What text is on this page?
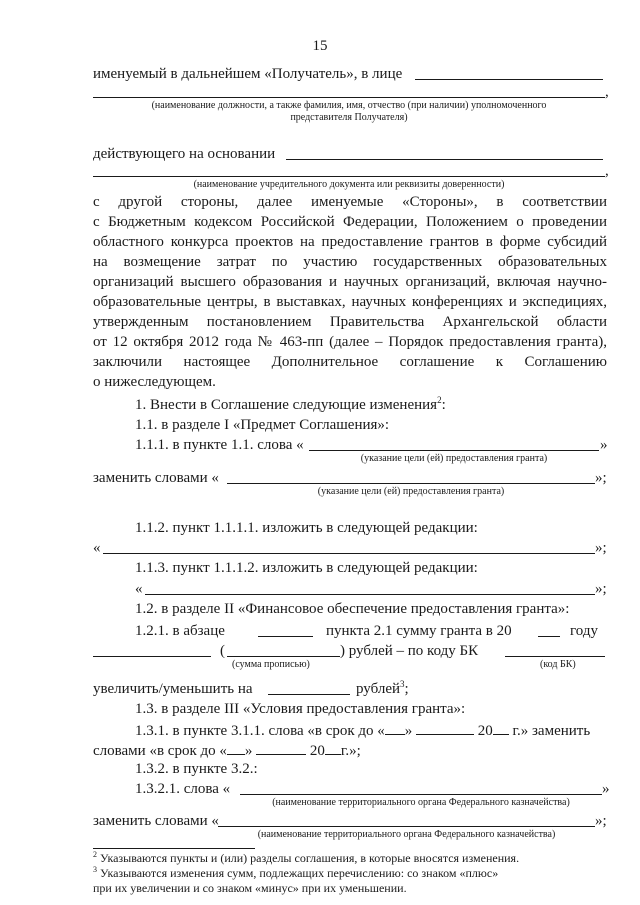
15
именуемый в дальнейшем «Получатель», в лице
,
(наименование должности, а также фамилия, имя, отчество (при наличии) уполномоченного
представителя Получателя)
действующего на основании
,
(наименование учредительного документа или реквизиты доверенности)
с другой стороны, далее именуемые «Стороны», в соответствии
с Бюджетным кодексом Российской Федерации, Положением о проведении
областного конкурса проектов на предоставление грантов в форме субсидий
на возмещение затрат по участию государственных образовательных
организаций высшего образования и научных организаций, включая научно-
образовательные центры, в выставках, научных конференциях и экспедициях,
утвержденным постановлением Правительства Архангельской области
от 12 октября 2012 года № 463-пп (далее – Порядок предоставления гранта),
заключили настоящее Дополнительное соглашение к Соглашению
о нижеследующем.
1. Внести в Соглашение следующие изменения$^2$:
1.1. в разделе I «Предмет Соглашения»:
1.1.1. в пункте 1.1. слова «	»
(указание цели (ей) предоставления гранта)
заменить словами «	»;
(указание цели (ей) предоставления гранта)
1.1.2. пункт 1.1.1.1. изложить в следующей редакции:
«	»;
1.1.3. пункт 1.1.1.2. изложить в следующей редакции:
«	»;
1.2. в разделе II «Финансовое обеспечение предоставления гранта»:
1.2.1. в абзаце	пункта 2.1 сумму гранта в 20	году
(	) рублей – по коду БК
(сумма прописью)	(код БК)
увеличить/уменьшить на	рублей$^3$;
1.3. в разделе III «Условия предоставления гранта»:
1.3.1. в пункте 3.1.1. слова «в срок до « »	20 г.» заменить
словами «в срок до « »	20 г.»;
1.3.2. в пункте 3.2.:
1.3.2.1. слова «	»
(наименование территориального органа Федерального казначейства)
заменить словами «	»;
(наименование территориального органа Федерального казначейства)
$^2$ Указываются пункты и (или) разделы соглашения, в которые вносятся изменения.
$^3$ Указываются изменения сумм, подлежащих перечислению: со знаком «плюс»
при их увеличении и со знаком «минус» при их уменьшении.
